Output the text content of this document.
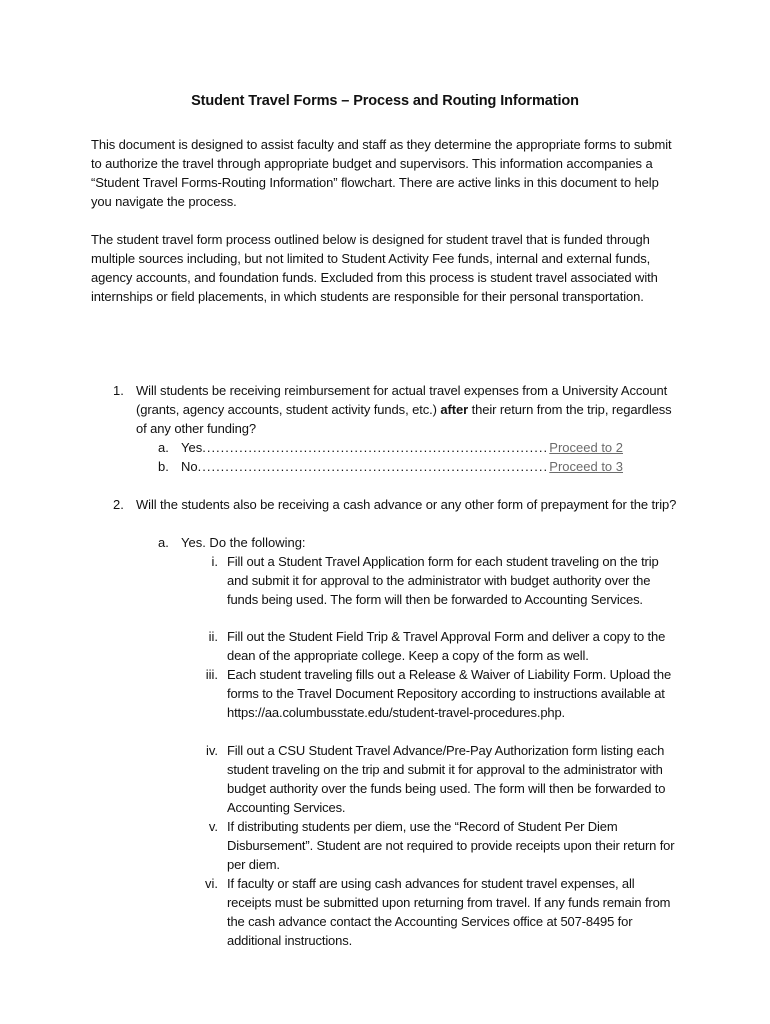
Student Travel Forms – Process and Routing Information
This document is designed to assist faculty and staff as they determine the appropriate forms to submit to authorize the travel through appropriate budget and supervisors. This information accompanies a “Student Travel Forms-Routing Information” flowchart. There are active links in this document to help you navigate the process.
The student travel form process outlined below is designed for student travel that is funded through multiple sources including, but not limited to Student Activity Fee funds, internal and external funds, agency accounts, and foundation funds. Excluded from this process is student travel associated with internships or field placements, in which students are responsible for their personal transportation.
1. Will students be receiving reimbursement for actual travel expenses from a University Account (grants, agency accounts, student activity funds, etc.) after their return from the trip, regardless of any other funding?
a. Yes .....	Proceed to 2
b. No .....	Proceed to 3
2. Will the students also be receiving a cash advance or any other form of prepayment for the trip?
a. Yes. Do the following:
i. Fill out a Student Travel Application form for each student traveling on the trip and submit it for approval to the administrator with budget authority over the funds being used. The form will then be forwarded to Accounting Services.
ii. Fill out the Student Field Trip & Travel Approval Form and deliver a copy to the dean of the appropriate college. Keep a copy of the form as well.
iii. Each student traveling fills out a Release & Waiver of Liability Form. Upload the forms to the Travel Document Repository according to instructions available at https://aa.columbusstate.edu/student-travel-procedures.php.
iv. Fill out a CSU Student Travel Advance/Pre-Pay Authorization form listing each student traveling on the trip and submit it for approval to the administrator with budget authority over the funds being used. The form will then be forwarded to Accounting Services.
v. If distributing students per diem, use the “Record of Student Per Diem Disbursement”. Student are not required to provide receipts upon their return for per diem.
vi. If faculty or staff are using cash advances for student travel expenses, all receipts must be submitted upon returning from travel. If any funds remain from the cash advance contact the Accounting Services office at 507-8495 for additional instructions.
